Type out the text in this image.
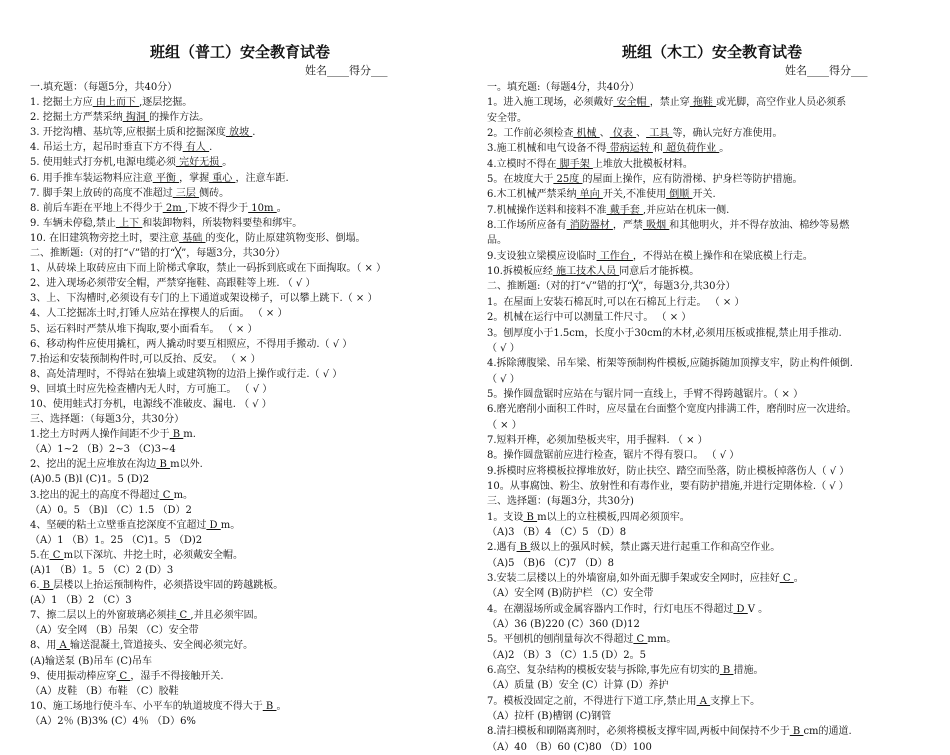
班组（普工）安全教育试卷
姓名____得分___
一.填充题：（每题5分，共40分）
1. 挖掘土方应 由上而下 ,逐层挖掘。
2. 挖掘土方严禁采纳 掏洞 的操作方法。
3. 开挖沟槽、基坑等,应根据土质和挖掘深度 放坡 .
4. 吊运土方，起吊时垂直下方不得 有人 .
5. 使用蛙式打夯机,电源电缆必须 完好无损 。
6. 用手推车装运物料应注意 平衡 ，掌握 重心 ，注意车距.
7. 脚手架上放砖的高度不准超过 三层 侧砖。
8. 前后车距在平地上不得少于 2m ,下坡不得少于 10m 。
9. 车辆未停稳,禁止 上下 和装卸物料，所装物料要垫和绑牢。
10. 在旧建筑物旁挖土时，要注意 基础 的变化，防止原建筑物变形、倒塌。
二、推断题:（对的打“√”错的打“╳”，每题3分，共30分）
1、从砖垛上取砖应由下而上阶梯式拿取，禁止一码拆到底或在下面掏取。（ × ）
2、进入现场必须带安全帽，严禁穿拖鞋、高跟鞋等上班. （ √ ）
3、上、下沟槽时,必须设有专门的上下通道或架设梯子，可以攀上跳下.（ × ）
4、人工挖掘冻土时,打锤人应站在撑楔人的后面。 （ × ）
5、运石料时严禁从堆下掏取,要小面看车。 （ × ）
6、移动构件应使用撬杠，两人撬动时要互相照应，不得用手搬动.（ √ ）
7.抬运和安装预制构件时,可以反抬、反安。 （ × ）
8、高处清理时，不得站在独墙上或建筑物的边沿上操作或行走.（ √ ）
9、回填土时应先检查槽内无人时，方可施工。 （ √ ）
10、使用蛙式打夯机，电源线不准破皮、漏电. （ √ ）
三、选择题：（每题3分，共30分）
1.挖土方时两人操作间距不少于 B m.
（A）1~2 （B）2~3 （C)3~4
2、挖出的泥土应堆放在沟边 B m以外.
(A)0.5 (B)l (C)1。5 (D)2
3.挖出的泥土的高度不得超过 C m。
（A）0。5 （B)l （C）1.5 （D）2
4、坚硬的粘土立壁垂直挖深度不宜超过 D m。
（A）1 （B）1。25 （C)1。5 （D)2
5.在 C m以下深坑、井挖土时，必须戴安全帽。
(A)1 （B）1。5 （C）2 (D）3
6. B 层楼以上抬运预制构件，必须搭设牢固的跨越跳板。
(A）1 （B）2 （C）3
7、擦二层以上的外窗玻璃必须挂 C ,并且必须牢固。
（A）安全网 （B）吊架 （C）安全带
8、用 A 输送混凝土,管道接头、安全阀必须完好。
(A)输送泵 (B)吊车 (C)吊车
9、使用振动棒应穿 C ，湿手不得接触开关.
（A）皮鞋 （B）布鞋 （C）胶鞋
10、施工场地行使斗车、小平车的轨道坡度不得大于 B 。
（A）2％ (B)3% (C）4％ （D）6%
班组（木工）安全教育试卷
姓名____得分___
一。填充题:（每题4分，共40分）
1。进入施工现场，必须戴好 安全帽 ，禁止穿 拖鞋 或光脚，高空作业人员必须系
安全带。
2。工作前必须检查 机械 、 仪表 、 工具 等，确认完好方准使用。
3.施工机械和电气设备不得 带病运转 和 超负荷作业 。
4.立模时不得在 脚手架 上堆放大批模板材料。
5。在坡度大于 25度 的屋面上操作，应有防滑梯、护身栏等防护措施。
6.木工机械严禁采纳 单向 开关,不准使用 倒顺 开关.
7.机械操作送料和接料不准 戴手套 ,并应站在机床一侧.
8.工作场所应备有 消防器材 ，严禁 吸烟 和其他明火，并不得存放油、棉纱等易燃
品。
9.支设独立梁模应设临时 工作台 ，不得站在模上操作和在梁底模上行走。
10.拆模板应经 施工技术人员 同意后才能拆模。
二、推断题:（对的打“√”错的打“╳”，每题3分,共30分）
1。在屋面上安装石棉瓦时,可以在石棉瓦上行走。 （ × ）
2。机械在运行中可以测量工件尺寸。 （ × ）
3。刨厚度小于1.5cm，长度小于30cm的木材,必须用压板或推棍,禁止用手推动.
（ √ ）
4.拆除薄腹梁、吊车梁、桁架等预制构件模板,应随拆随加顶撑支牢，防止构件倾倒.
（ √ ）
5。操作圆盘锯时应站在与锯片同一直线上，手臂不得跨越锯片。（ × ）
6.磨光磨削小面积工件时，应尽量在台面整个宽度内排满工件，磨削时应一次进给。
（ × ）
7.短料开榫，必须加垫板夹牢，用手握料. （ × ）
8。操作圆盘锯前应进行检查，锯片不得有裂口。 （ √ ）
9.拆模时应将模板拉撑堆放好，防止扶空、踏空而坠落，防止模板掉落伤人（ √ ）
10。从事腐蚀、粉尘、放射性和有毒作业，要有防护措施,并进行定期体检.（ √ ）
三、选择题：(每题3分，共30分)
1。支设 B m以上的立柱模板,四周必须顶牢。
（A)3 （B）4 （C）5 （D）8
2.遇有 B 级以上的强风时候，禁止露天进行起重工作和高空作业。
（A)5 （B)6 （C)7 （D）8
3.安装二层楼以上的外墙窗扇,如外面无脚手架或安全网时，应挂好 C 。
（A）安全网 (B)防护栏 （C）安全带
4。在潮湿场所或金属容器内工作时，行灯电压不得超过 D V 。
（A）36 (B)220 (C）360 (D)12
5。平刨机的刨削量每次不得超过 C mm。
（A)2 （B）3 （C）1.5 (D）2。5
6.高空、复杂结构的模板安装与拆除,事先应有切实的 B 措施。
（A）质量 (B）安全 (C）计算 (D）养护
7。模板没固定之前，不得进行下道工序,禁止用 A 支撑上下。
（A）拉杆 (B)槽钢 (C)钢管
8.清扫模板和刷隔离剂时，必须将模板支撑牢固,两板中间保持不少于 B cm的通道.
（A）40 （B）60 (C)80 （D）100
